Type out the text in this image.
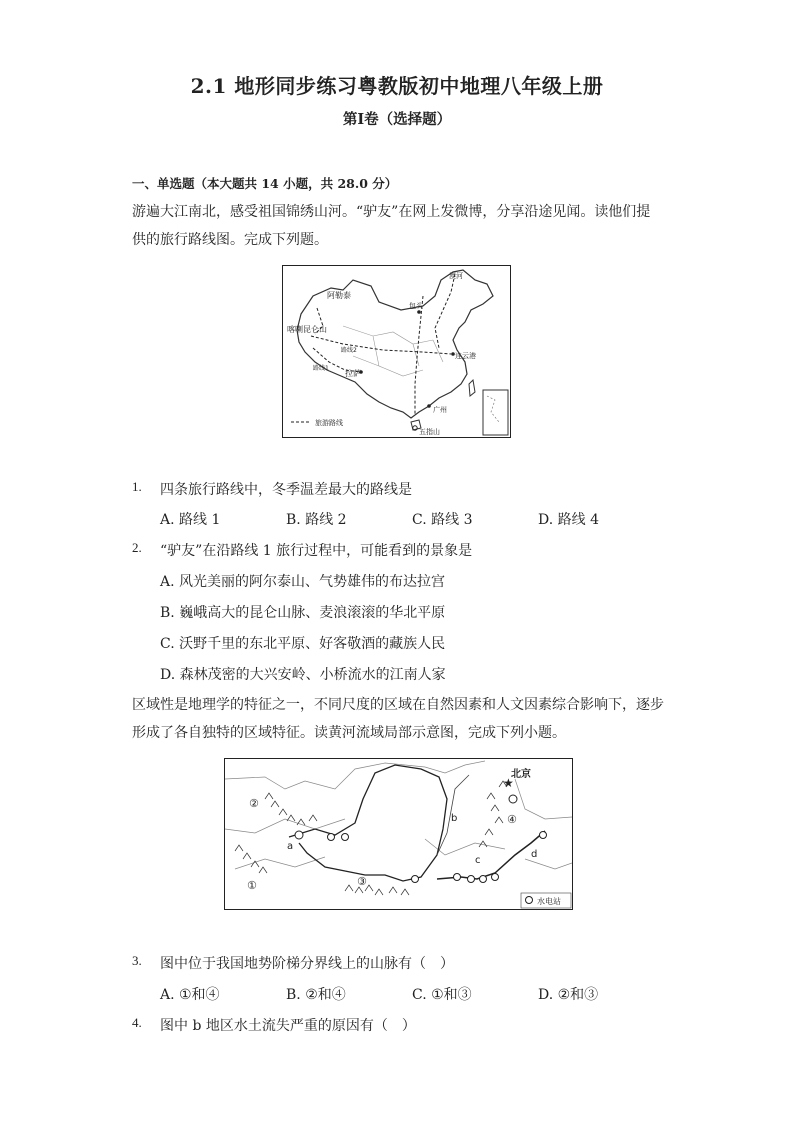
2.1 地形同步练习粤教版初中地理八年级上册
第I卷（选择题）
一、单选题（本大题共 14 小题，共 28.0 分）
游遍大江南北，感受祖国锦绣山河。“驴友”在网上发微博，分享沿途见闻。读他们提
供的旅行路线图。完成下列题。
阿勒泰
喀喇昆仑山
路线2
路线1
拉萨
漠河
包头
连云港
广州
五指山
旅游路线
1.	四条旅行路线中，冬季温差最大的路线是
A. 路线 1	B. 路线 2	C. 路线 3	D. 路线 4
2.	“驴友”在沿路线 1 旅行过程中，可能看到的景象是
A. 风光美丽的阿尔泰山、气势雄伟的布达拉宫
B. 巍峨高大的昆仑山脉、麦浪滚滚的华北平原
C. 沃野千里的东北平原、好客敬酒的藏族人民
D. 森林茂密的大兴安岭、小桥流水的江南人家
区域性是地理学的特征之一，不同尺度的区域在自然因素和人文因素综合影响下，逐步
形成了各自独特的区域特征。读黄河流域局部示意图，完成下列小题。
★
北京
②
①	③
④
a
b
c
d
水电站
3.	图中位于我国地势阶梯分界线上的山脉有（　）
A. ①和④	B. ②和④	C. ①和③	D. ②和③
4.	图中 b 地区水土流失严重的原因有（　）
